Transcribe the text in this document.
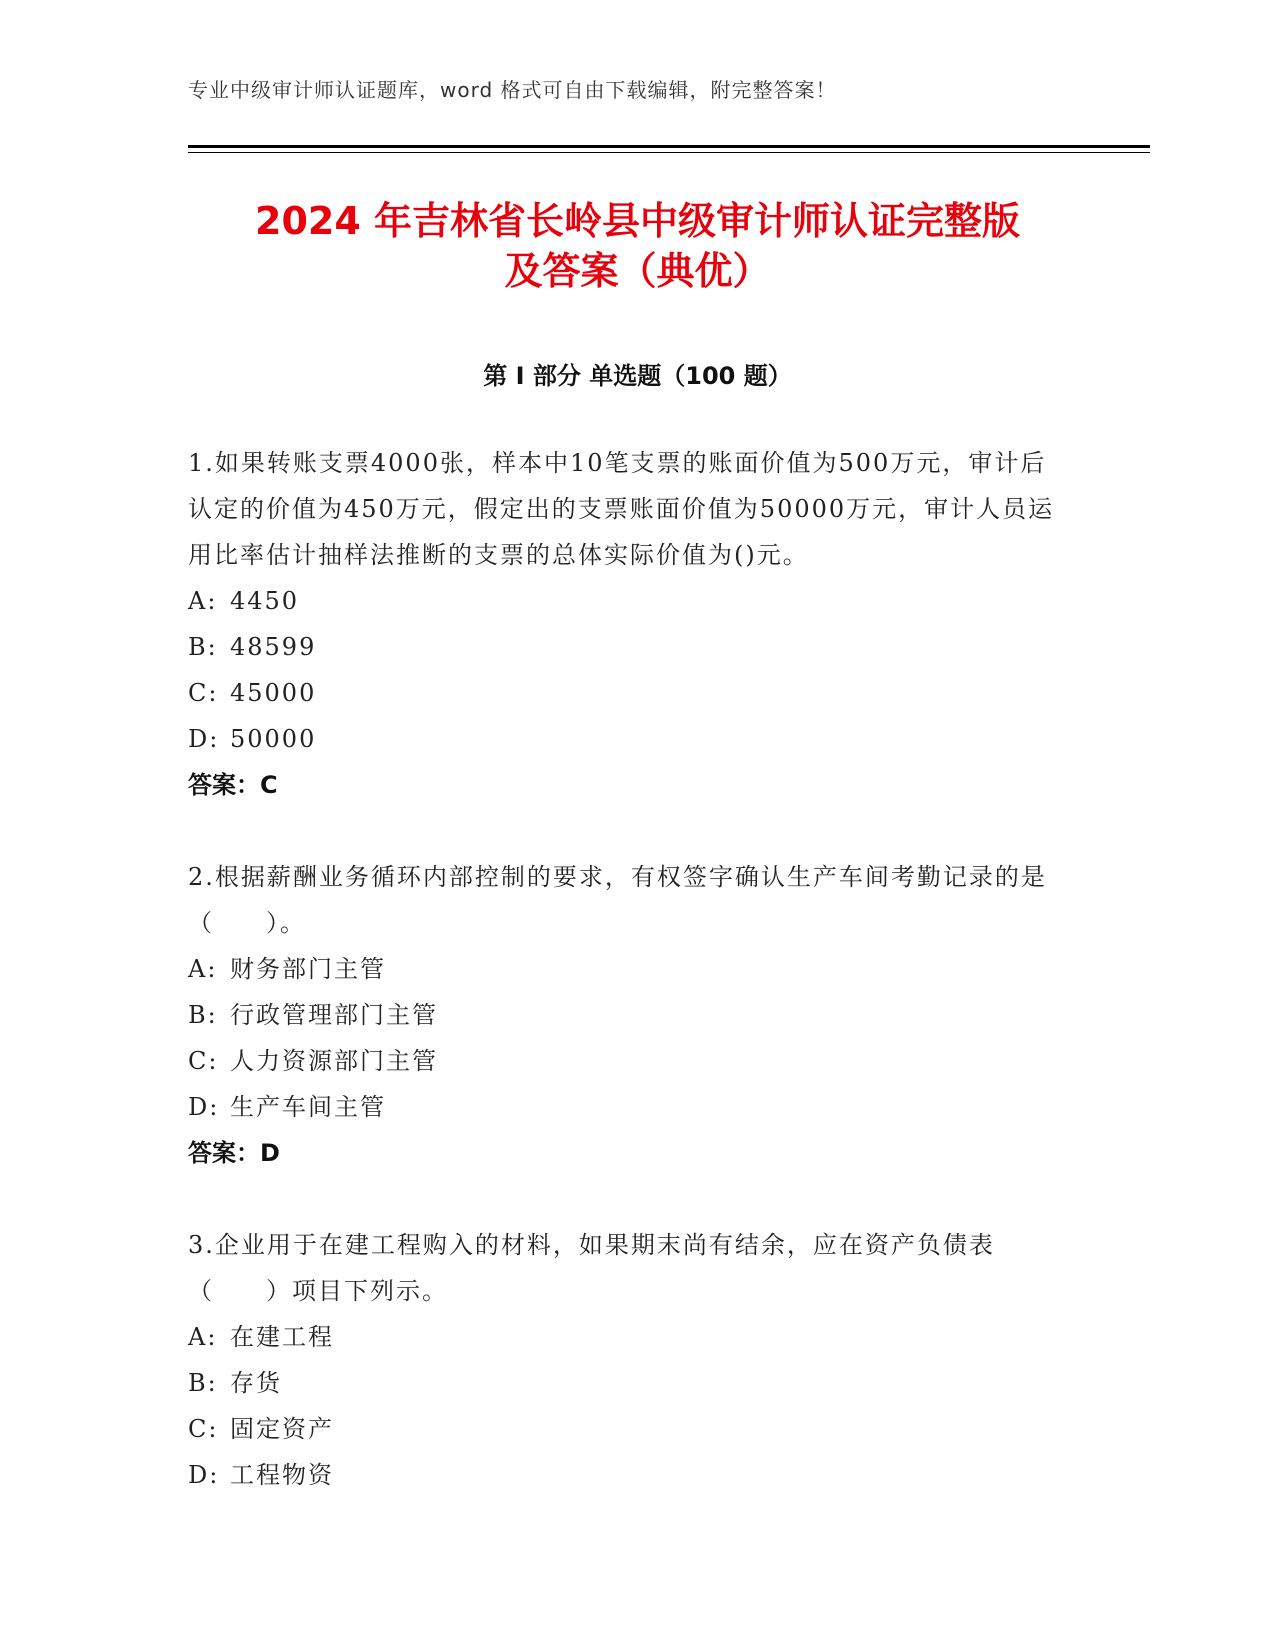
专业中级审计师认证题库，word 格式可自由下载编辑，附完整答案！
2024 年吉林省长岭县中级审计师认证完整版
及答案（典优）
第 I 部分 单选题（100 题）

1.如果转账支票4000张，样本中10笔支票的账面价值为500万元，审计后认定的价值为450万元，假定出的支票账面价值为50000万元，审计人员运用比率估计抽样法推断的支票的总体实际价值为()元。

A: 4450
B: 48599
C: 45000
D: 50000
答案：C

2.根据薪酬业务循环内部控制的要求，有权签字确认生产车间考勤记录的是（　　）。

A: 财务部门主管
B: 行政管理部门主管
C: 人力资源部门主管
D: 生产车间主管
答案：D

3.企业用于在建工程购入的材料，如果期末尚有结余，应在资产负债表（　　）项目下列示。

A: 在建工程
B: 存货
C: 固定资产
D: 工程物资
